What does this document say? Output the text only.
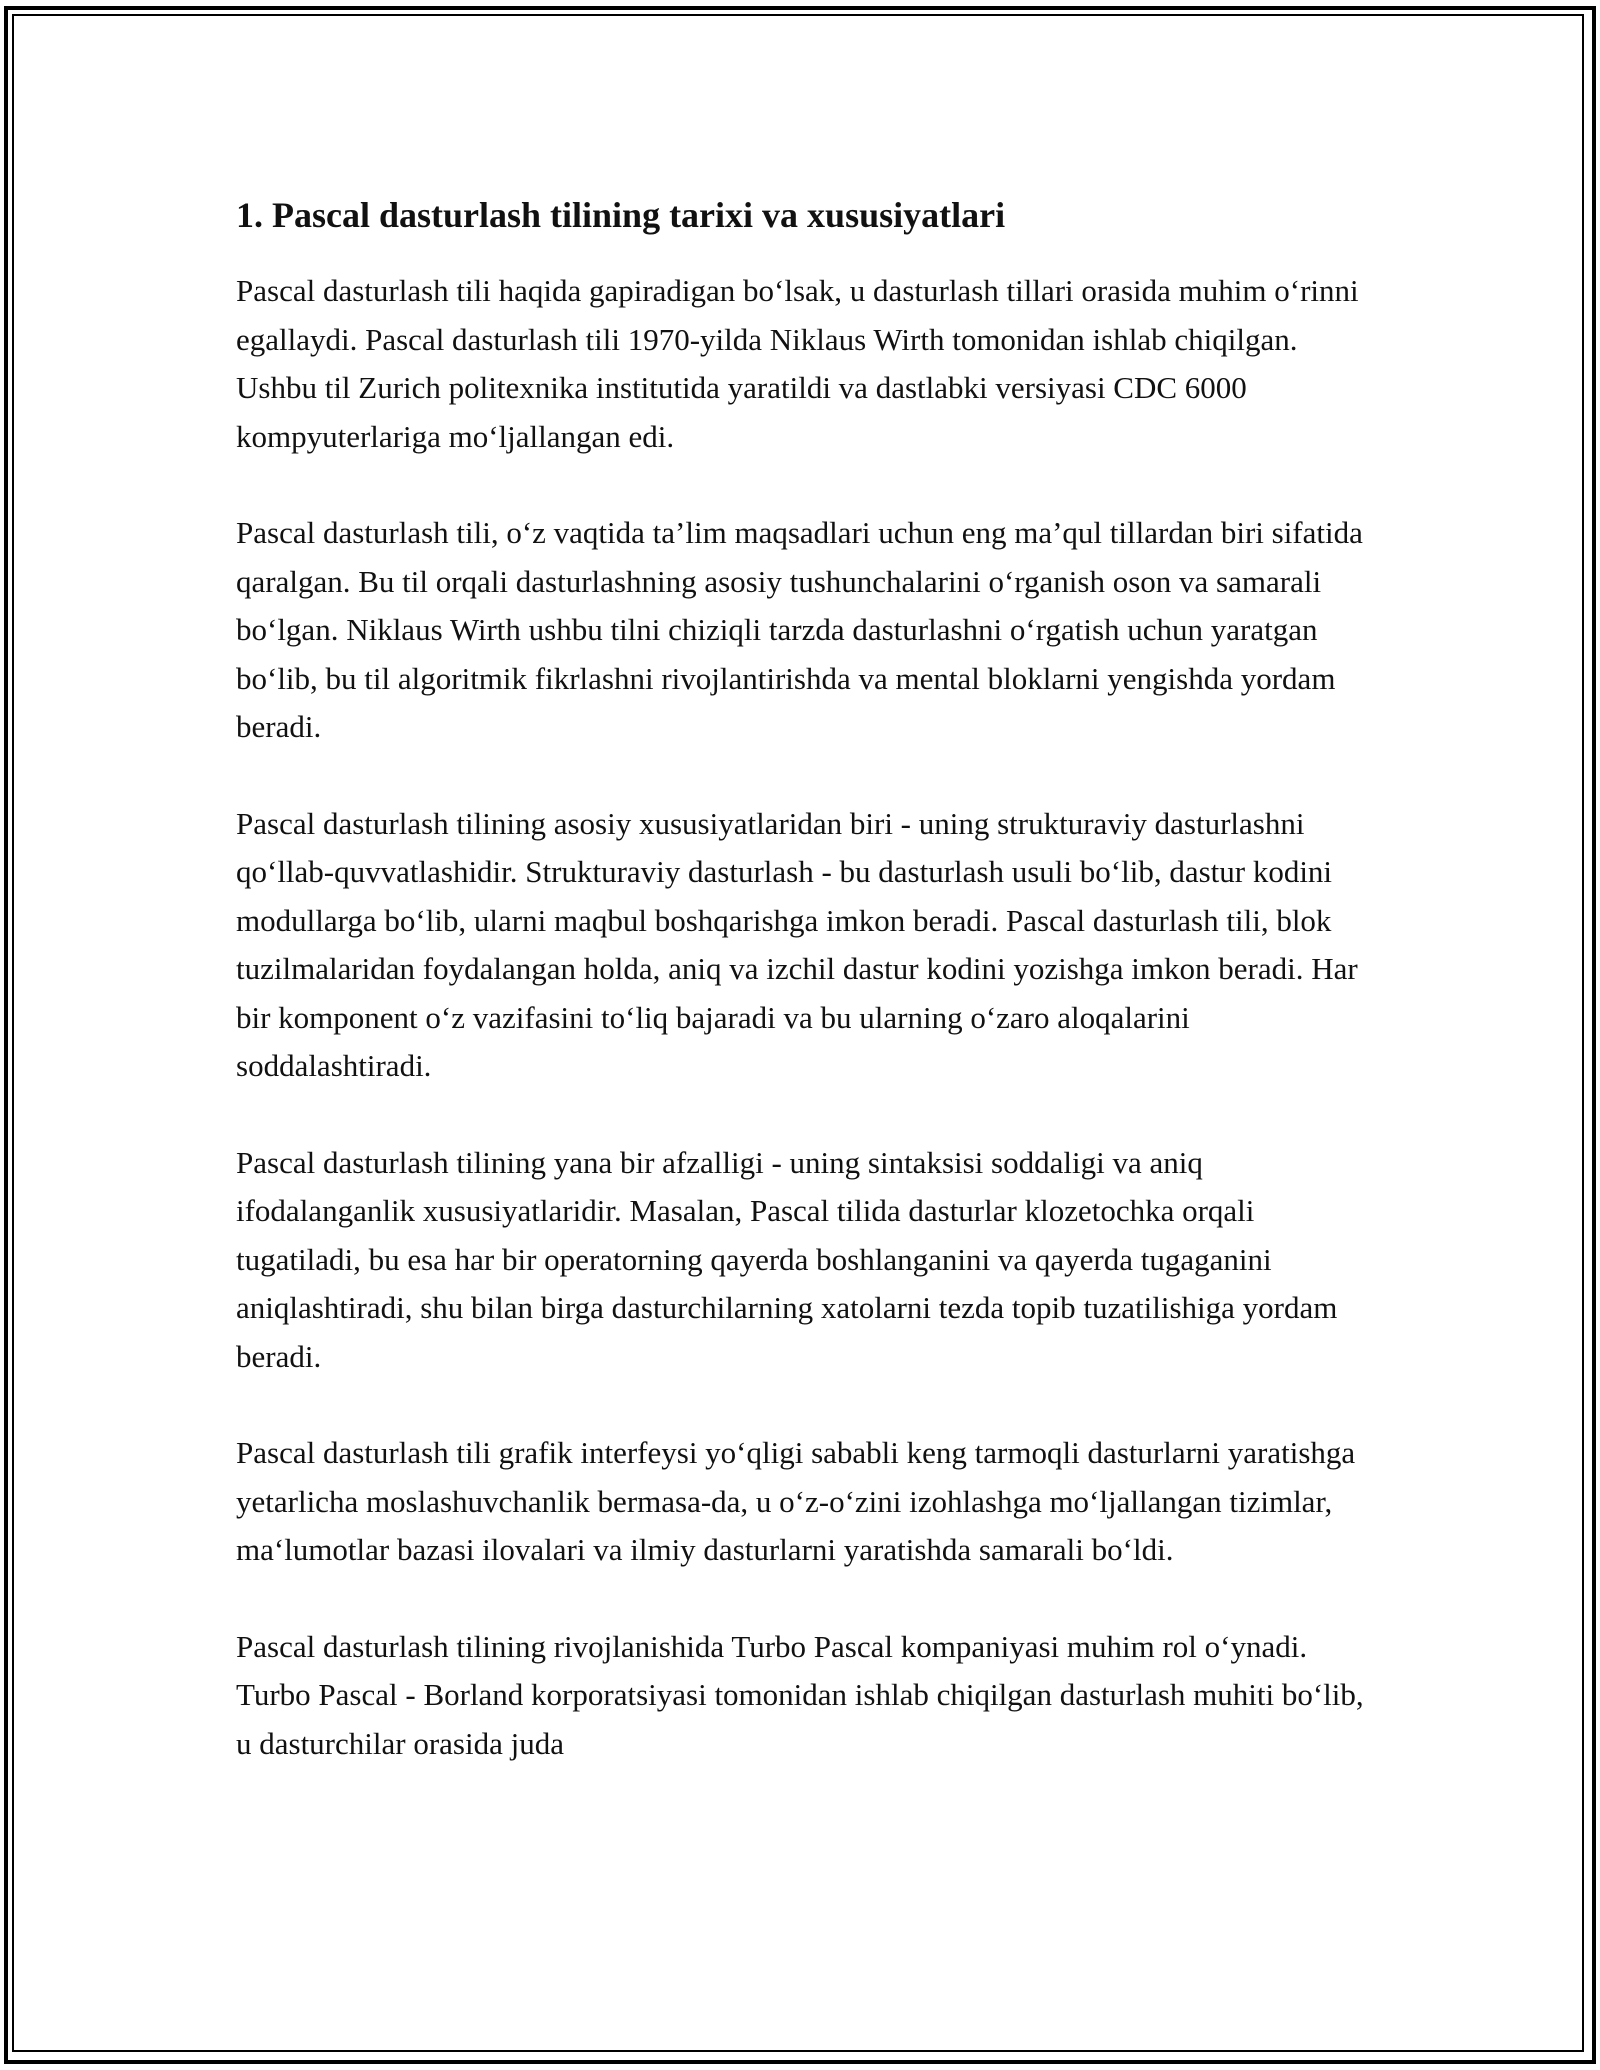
1. Pascal dasturlash tilining tarixi va xususiyatlari

Pascal dasturlash tili haqida gapiradigan bo‘lsak, u dasturlash tillari orasida muhim o‘rinni egallaydi. Pascal dasturlash tili 1970-yilda Niklaus Wirth tomonidan ishlab chiqilgan. Ushbu til Zurich politexnika institutida yaratildi va dastlabki versiyasi CDC 6000 kompyuterlariga mo‘ljallangan edi.

Pascal dasturlash tili, o‘z vaqtida ta’lim maqsadlari uchun eng ma’qul tillardan biri sifatida qaralgan. Bu til orqali dasturlashning asosiy tushunchalarini o‘rganish oson va samarali bo‘lgan. Niklaus Wirth ushbu tilni chiziqli tarzda dasturlashni o‘rgatish uchun yaratgan bo‘lib, bu til algoritmik fikrlashni rivojlantirishda va mental bloklarni yengishda yordam beradi.

Pascal dasturlash tilining asosiy xususiyatlaridan biri - uning strukturaviy dasturlashni qo‘llab-quvvatlashidir. Strukturaviy dasturlash - bu dasturlash usuli bo‘lib, dastur kodini modullarga bo‘lib, ularni maqbul boshqarishga imkon beradi. Pascal dasturlash tili, blok tuzilmalaridan foydalangan holda, aniq va izchil dastur kodini yozishga imkon beradi. Har bir komponent o‘z vazifasini to‘liq bajaradi va bu ularning o‘zaro aloqalarini soddalashtiradi.

Pascal dasturlash tilining yana bir afzalligi - uning sintaksisi soddaligi va aniq ifodalanganlik xususiyatlaridir. Masalan, Pascal tilida dasturlar klozetochka orqali tugatiladi, bu esa har bir operatorning qayerda boshlanganini va qayerda tugaganini aniqlashtiradi, shu bilan birga dasturchilarning xatolarni tezda topib tuzatilishiga yordam beradi.

Pascal dasturlash tili grafik interfeysi yo‘qligi sababli keng tarmoqli dasturlarni yaratishga yetarlicha moslashuvchanlik bermasa-da, u o‘z-o‘zini izohlashga mo‘ljallangan tizimlar, ma‘lumotlar bazasi ilovalari va ilmiy dasturlarni yaratishda samarali bo‘ldi.

Pascal dasturlash tilining rivojlanishida Turbo Pascal kompaniyasi muhim rol o‘ynadi. Turbo Pascal - Borland korporatsiyasi tomonidan ishlab chiqilgan dasturlash muhiti bo‘lib, u dasturchilar orasida juda
